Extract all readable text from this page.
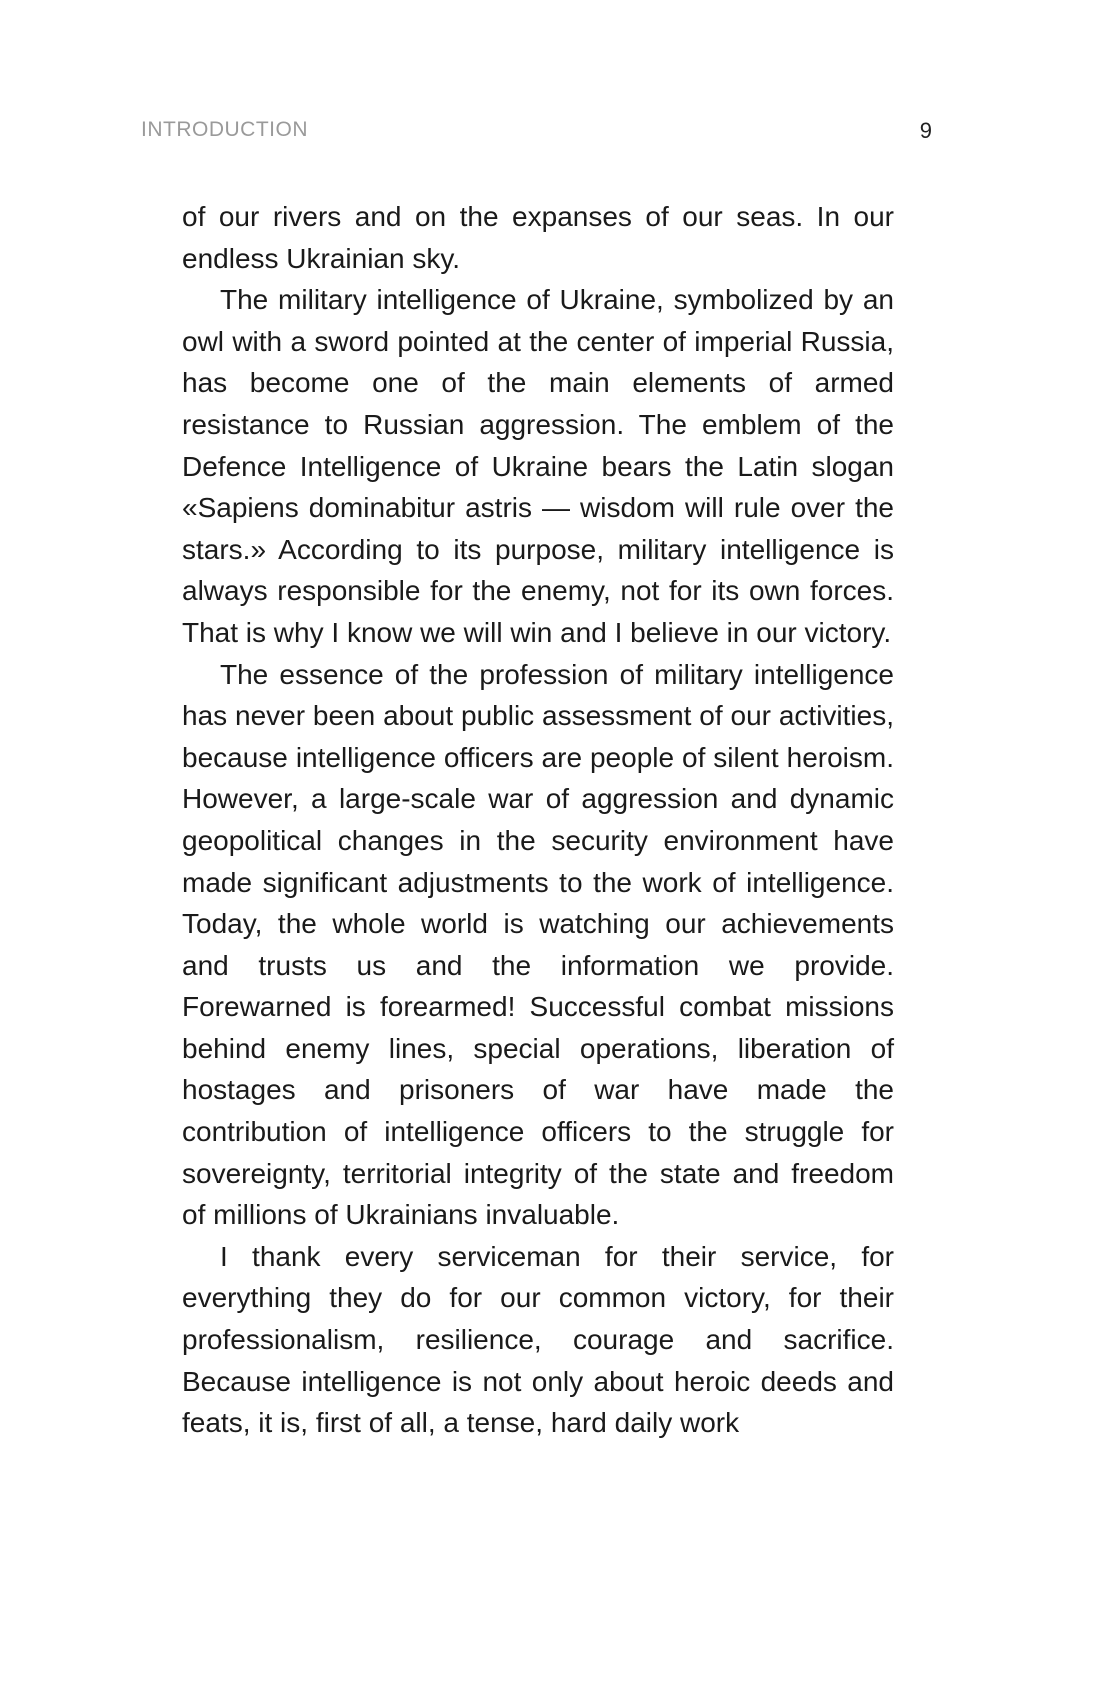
INTRODUCTION	9

of our rivers and on the expanses of our seas. In our endless Ukrainian sky.

The military intelligence of Ukraine, symbolized by an owl with a sword pointed at the center of imperial Russia, has become one of the main elements of armed resistance to Russian aggression. The emblem of the Defence Intelligence of Ukraine bears the Latin slogan «Sapiens dominabitur astris — wisdom will rule over the stars.» According to its purpose, military intelligence is always responsible for the enemy, not for its own forces. That is why I know we will win and I believe in our victory.

The essence of the profession of military intelligence has never been about public assessment of our activities, because intelligence officers are people of silent heroism. However, a large-scale war of aggression and dynamic geopolitical changes in the security environment have made significant adjustments to the work of intelligence. Today, the whole world is watching our achievements and trusts us and the information we provide. Forewarned is forearmed! Successful combat missions behind enemy lines, special operations, liberation of hostages and prisoners of war have made the contribution of intelligence officers to the struggle for sovereignty, territorial integrity of the state and freedom of millions of Ukrainians invaluable.

I thank every serviceman for their service, for everything they do for our common victory, for their professionalism, resilience, courage and sacrifice. Because intelligence is not only about heroic deeds and feats, it is, first of all, a tense, hard daily work
